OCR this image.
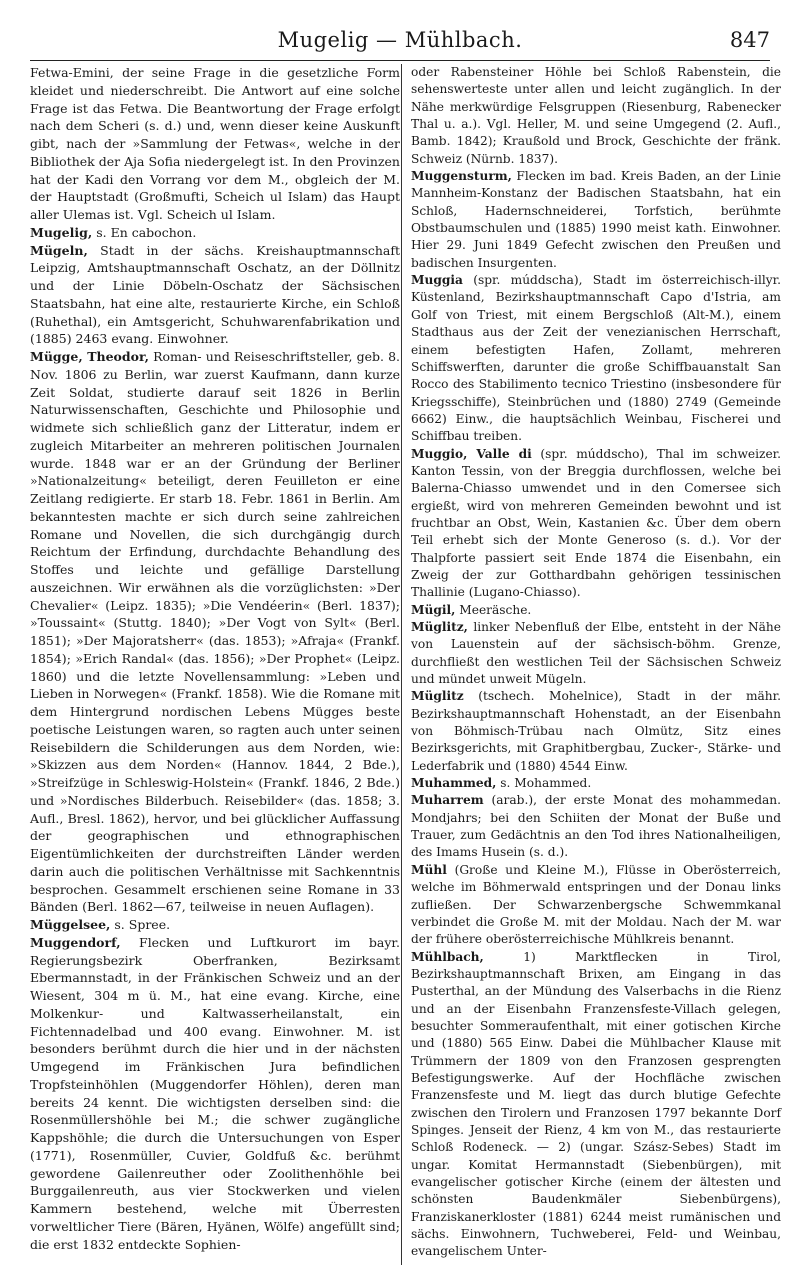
Mugelig — Mühlbach.	847

Fetwa-Emini, der seine Frage in die gesetzliche Form kleidet und niederschreibt. Die Antwort auf eine solche Frage ist das Fetwa. Die Beantwortung der Frage erfolgt nach dem Scheri (s. d.) und, wenn dieser keine Auskunft gibt, nach der »Sammlung der Fetwas«, welche in der Bibliothek der Aja Sofia niedergelegt ist. In den Provinzen hat der Kadi den Vorrang vor dem M., obgleich der M. der Hauptstadt (Großmufti, Scheich ul Islam) das Haupt aller Ulemas ist. Vgl. Scheich ul Islam.

Mugelig, s. En cabochon.

Mügeln, Stadt in der sächs. Kreishauptmannschaft Leipzig, Amtshauptmannschaft Oschatz, an der Döllnitz und der Linie Döbeln-Oschatz der Sächsischen Staatsbahn, hat eine alte, restaurierte Kirche, ein Schloß (Ruhethal), ein Amtsgericht, Schuhwarenfabrikation und (1885) 2463 evang. Einwohner.

Mügge, Theodor, Roman- und Reiseschriftsteller, geb. 8. Nov. 1806 zu Berlin, war zuerst Kaufmann, dann kurze Zeit Soldat, studierte darauf seit 1826 in Berlin Naturwissenschaften, Geschichte und Philosophie und widmete sich schließlich ganz der Litteratur, indem er zugleich Mitarbeiter an mehreren politischen Journalen wurde. 1848 war er an der Gründung der Berliner »Nationalzeitung« beteiligt, deren Feuilleton er eine Zeitlang redigierte. Er starb 18. Febr. 1861 in Berlin. Am bekanntesten machte er sich durch seine zahlreichen Romane und Novellen, die sich durchgängig durch Reichtum der Erfindung, durchdachte Behandlung des Stoffes und leichte und gefällige Darstellung auszeichnen. Wir erwähnen als die vorzüglichsten: »Der Chevalier« (Leipz. 1835); »Die Vendéerin« (Berl. 1837); »Toussaint« (Stuttg. 1840); »Der Vogt von Sylt« (Berl. 1851); »Der Majoratsherr« (das. 1853); »Afraja« (Frankf. 1854); »Erich Randal« (das. 1856); »Der Prophet« (Leipz. 1860) und die letzte Novellensammlung: »Leben und Lieben in Norwegen« (Frankf. 1858). Wie die Romane mit dem Hintergrund nordischen Lebens Mügges beste poetische Leistungen waren, so ragten auch unter seinen Reisebildern die Schilderungen aus dem Norden, wie: »Skizzen aus dem Norden« (Hannov. 1844, 2 Bde.), »Streifzüge in Schleswig-Holstein« (Frankf. 1846, 2 Bde.) und »Nordisches Bilderbuch. Reisebilder« (das. 1858; 3. Aufl., Bresl. 1862), hervor, und bei glücklicher Auffassung der geographischen und ethnographischen Eigentümlichkeiten der durchstreiften Länder werden darin auch die politischen Verhältnisse mit Sachkenntnis besprochen. Gesammelt erschienen seine Romane in 33 Bänden (Berl. 1862—67, teilweise in neuen Auflagen).

Müggelsee, s. Spree.

Muggendorf, Flecken und Luftkurort im bayr. Regierungsbezirk Oberfranken, Bezirksamt Ebermannstadt, in der Fränkischen Schweiz und an der Wiesent, 304 m ü. M., hat eine evang. Kirche, eine Molkenkur- und Kaltwasserheilanstalt, ein Fichtennadelbad und 400 evang. Einwohner. M. ist besonders berühmt durch die hier und in der nächsten Umgegend im Fränkischen Jura befindlichen Tropfsteinhöhlen (Muggendorfer Höhlen), deren man bereits 24 kennt. Die wichtigsten derselben sind: die Rosenmüllershöhle bei M.; die schwer zugängliche Kappshöhle; die durch die Untersuchungen von Esper (1771), Rosenmüller, Cuvier, Goldfuß &c. berühmt gewordene Gailenreuther oder Zoolithenhöhle bei Burggailenreuth, aus vier Stockwerken und vielen Kammern bestehend, welche mit Überresten vorweltlicher Tiere (Bären, Hyänen, Wölfe) angefüllt sind; die erst 1832 entdeckte Sophien-

oder Rabensteiner Höhle bei Schloß Rabenstein, die sehenswerteste unter allen und leicht zugänglich. In der Nähe merkwürdige Felsgruppen (Riesenburg, Rabenecker Thal u. a.). Vgl. Heller, M. und seine Umgegend (2. Aufl., Bamb. 1842); Kraußold und Brock, Geschichte der fränk. Schweiz (Nürnb. 1837).

Muggensturm, Flecken im bad. Kreis Baden, an der Linie Mannheim-Konstanz der Badischen Staatsbahn, hat ein Schloß, Hadernschneiderei, Torfstich, berühmte Obstbaumschulen und (1885) 1990 meist kath. Einwohner. Hier 29. Juni 1849 Gefecht zwischen den Preußen und badischen Insurgenten.

Muggia (spr. múddscha), Stadt im österreichisch-illyr. Küstenland, Bezirkshauptmannschaft Capo d'Istria, am Golf von Triest, mit einem Bergschloß (Alt-M.), einem Stadthaus aus der Zeit der venezianischen Herrschaft, einem befestigten Hafen, Zollamt, mehreren Schiffswerften, darunter die große Schiffbauanstalt San Rocco des Stabilimento tecnico Triestino (insbesondere für Kriegsschiffe), Steinbrüchen und (1880) 2749 (Gemeinde 6662) Einw., die hauptsächlich Weinbau, Fischerei und Schiffbau treiben.

Muggio, Valle di (spr. múddscho), Thal im schweizer. Kanton Tessin, von der Breggia durchflossen, welche bei Balerna-Chiasso umwendet und in den Comersee sich ergießt, wird von mehreren Gemeinden bewohnt und ist fruchtbar an Obst, Wein, Kastanien &c. Über dem obern Teil erhebt sich der Monte Generoso (s. d.). Vor der Thalpforte passiert seit Ende 1874 die Eisenbahn, ein Zweig der zur Gotthardbahn gehörigen tessinischen Thallinie (Lugano-Chiasso).

Mügil, Meeräsche.

Müglitz, linker Nebenfluß der Elbe, entsteht in der Nähe von Lauenstein auf der sächsisch-böhm. Grenze, durchfließt den westlichen Teil der Sächsischen Schweiz und mündet unweit Mügeln.

Müglitz (tschech. Mohelnice), Stadt in der mähr. Bezirkshauptmannschaft Hohenstadt, an der Eisenbahn von Böhmisch-Trübau nach Olmütz, Sitz eines Bezirksgerichts, mit Graphitbergbau, Zucker-, Stärke- und Lederfabrik und (1880) 4544 Einw.

Muhammed, s. Mohammed.

Muharrem (arab.), der erste Monat des mohammedan. Mondjahrs; bei den Schiiten der Monat der Buße und Trauer, zum Gedächtnis an den Tod ihres Nationalheiligen, des Imams Husein (s. d.).

Mühl (Große und Kleine M.), Flüsse in Oberösterreich, welche im Böhmerwald entspringen und der Donau links zufließen. Der Schwarzenbergsche Schwemmkanal verbindet die Große M. mit der Moldau. Nach der M. war der frühere oberösterreichische Mühlkreis benannt.

Mühlbach,	1) Marktflecken in Tirol, Bezirkshauptmannschaft Brixen, am Eingang in das Pusterthal, an der Mündung des Valserbachs in die Rienz und an der Eisenbahn Franzensfeste-Villach gelegen, besuchter Sommeraufenthalt, mit einer gotischen Kirche und (1880) 565 Einw. Dabei die Mühlbacher Klause mit Trümmern der 1809 von den Franzosen gesprengten Befestigungswerke. Auf der Hochfläche zwischen Franzensfeste und M. liegt das durch blutige Gefechte zwischen den Tirolern und Franzosen 1797 bekannte Dorf Spinges. Jenseit der Rienz, 4 km von M., das restaurierte Schloß Rodeneck. — 2) (ungar. Szász-Sebes) Stadt im ungar. Komitat Hermannstadt (Siebenbürgen), mit evangelischer gotischer Kirche (einem der ältesten und schönsten Baudenkmäler Siebenbürgens), Franziskanerkloster (1881) 6244 meist rumänischen und sächs. Einwohnern, Tuchweberei, Feld- und Weinbau, evangelischem Unter-
